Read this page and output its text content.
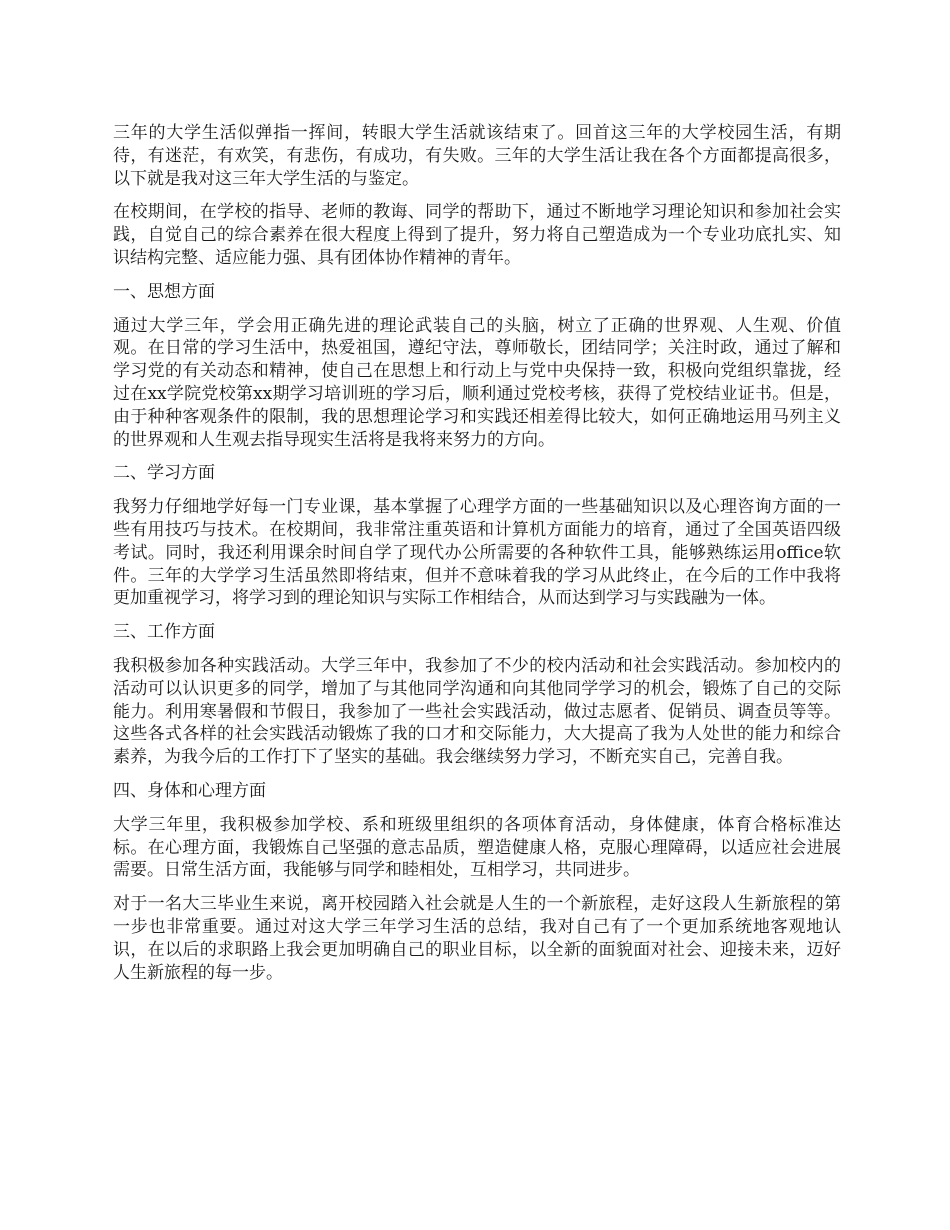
三年的大学生活似弹指一挥间，转眼大学生活就该结束了。回首这三年的大学校园生活，有期待，有迷茫，有欢笑，有悲伤，有成功，有失败。三年的大学生活让我在各个方面都提高很多，以下就是我对这三年大学生活的与鉴定。

在校期间，在学校的指导、老师的教诲、同学的帮助下，通过不断地学习理论知识和参加社会实践，自觉自己的综合素养在很大程度上得到了提升，努力将自己塑造成为一个专业功底扎实、知识结构完整、适应能力强、具有团体协作精神的青年。

一、思想方面

通过大学三年，学会用正确先进的理论武装自己的头脑，树立了正确的世界观、人生观、价值观。在日常的学习生活中，热爱祖国，遵纪守法，尊师敬长，团结同学；关注时政，通过了解和学习党的有关动态和精神，使自己在思想上和行动上与党中央保持一致，积极向党组织靠拢，经过在xx学院党校第xx期学习培训班的学习后，顺利通过党校考核，获得了党校结业证书。但是，由于种种客观条件的限制，我的思想理论学习和实践还相差得比较大，如何正确地运用马列主义的世界观和人生观去指导现实生活将是我将来努力的方向。

二、学习方面

我努力仔细地学好每一门专业课，基本掌握了心理学方面的一些基础知识以及心理咨询方面的一些有用技巧与技术。在校期间，我非常注重英语和计算机方面能力的培育，通过了全国英语四级考试。同时，我还利用课余时间自学了现代办公所需要的各种软件工具，能够熟练运用office软件。三年的大学学习生活虽然即将结束，但并不意味着我的学习从此终止，在今后的工作中我将更加重视学习，将学习到的理论知识与实际工作相结合，从而达到学习与实践融为一体。

三、工作方面

我积极参加各种实践活动。大学三年中，我参加了不少的校内活动和社会实践活动。参加校内的活动可以认识更多的同学，增加了与其他同学沟通和向其他同学学习的机会，锻炼了自己的交际能力。利用寒暑假和节假日，我参加了一些社会实践活动，做过志愿者、促销员、调查员等等。这些各式各样的社会实践活动锻炼了我的口才和交际能力，大大提高了我为人处世的能力和综合素养，为我今后的工作打下了坚实的基础。我会继续努力学习，不断充实自己，完善自我。

四、身体和心理方面

大学三年里，我积极参加学校、系和班级里组织的各项体育活动，身体健康，体育合格标准达标。在心理方面，我锻炼自己坚强的意志品质，塑造健康人格，克服心理障碍，以适应社会进展需要。日常生活方面，我能够与同学和睦相处，互相学习，共同进步。

对于一名大三毕业生来说，离开校园踏入社会就是人生的一个新旅程，走好这段人生新旅程的第一步也非常重要。通过对这大学三年学习生活的总结，我对自己有了一个更加系统地客观地认识，在以后的求职路上我会更加明确自己的职业目标，以全新的面貌面对社会、迎接未来，迈好人生新旅程的每一步。
